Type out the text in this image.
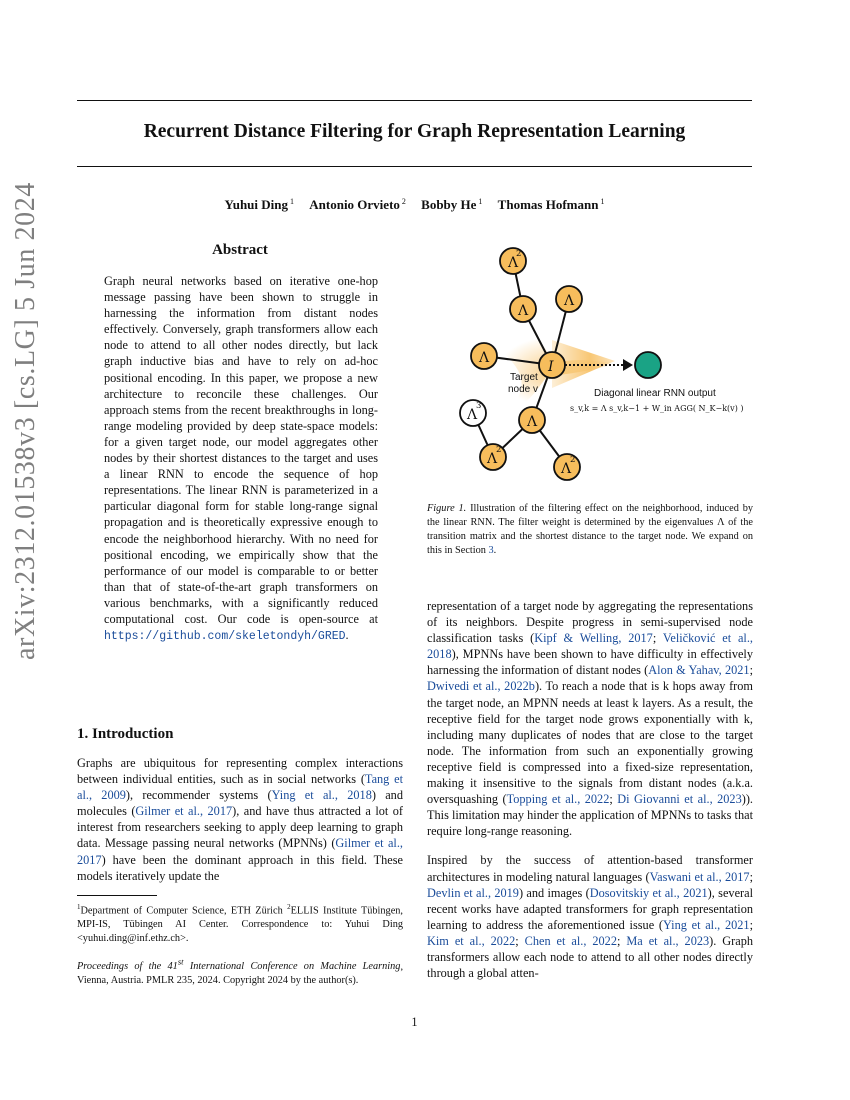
Recurrent Distance Filtering for Graph Representation Learning
Yuhui Ding $^1$ Antonio Orvieto $^2$ Bobby He $^1$ Thomas Hofmann $^1$
arXiv:2312.01538v3 [cs.LG] 5 Jun 2024	Abstract

Graph neural networks based on iterative one-hop message passing have been shown to struggle in harnessing the information from distant nodes effectively. Conversely, graph transformers allow each node to attend to all other nodes directly, but lack graph inductive bias and have to rely on ad-hoc positional encoding. In this paper, we propose a new architecture to reconcile these challenges. Our approach stems from the recent breakthroughs in long-range modeling provided by deep state-space models: for a given target node, our model aggregates other nodes by their shortest distances to the target and uses a linear RNN to encode the sequence of hop representations. The linear RNN is parameterized in a particular diagonal form for stable long-range signal propagation and is theoretically expressive enough to encode the neighborhood hierarchy. With no need for positional encoding, we empirically show that the performance of our model is comparable to or better than that of state-of-the-art graph transformers on various benchmarks, with a significantly reduced computational cost. Our code is open-source at https://github.com/skeletondyh/GRED.

1. Introduction

Graphs are ubiquitous for representing complex interactions between individual entities, such as in social networks (Tang et al., 2009), recommender systems (Ying et al., 2018) and molecules (Gilmer et al., 2017), and have thus attracted a lot of interest from researchers seeking to apply deep learning to graph data. Message passing neural networks (MPNNs) (Gilmer et al., 2017) have been the dominant approach in this field. These models iteratively update the

$^1$Department of Computer Science, ETH Zürich $^2$ELLIS Institute Tübingen, MPI-IS, Tübingen AI Center. Correspondence to: Yuhui Ding <yuhui.ding@inf.ethz.ch>.

Proceedings of the 41st International Conference on Machine Learning, Vienna, Austria. PMLR 235, 2024. Copyright 2024 by the author(s).

Λ
2
Λ
Λ
Λ
I
Λ
Λ
3
Λ
2
Λ
2
Target
node v	Diagonal linear RNN output
s_v,k = Λ s_v,k−1 + W_in AGG( N_K−k(v) )

Figure 1. Illustration of the filtering effect on the neighborhood, induced by the linear RNN. The filter weight is determined by the eigenvalues Λ of the transition matrix and the shortest distance to the target node. We expand on this in Section 3.

representation of a target node by aggregating the representations of its neighbors. Despite progress in semi-supervised node classification tasks (Kipf & Welling, 2017; Veličković et al., 2018), MPNNs have been shown to have difficulty in effectively harnessing the information of distant nodes (Alon & Yahav, 2021; Dwivedi et al., 2022b). To reach a node that is k hops away from the target node, an MPNN needs at least k layers. As a result, the receptive field for the target node grows exponentially with k, including many duplicates of nodes that are close to the target node. The information from such an exponentially growing receptive field is compressed into a fixed-size representation, making it insensitive to the signals from distant nodes (a.k.a. oversquashing (Topping et al., 2022; Di Giovanni et al., 2023)). This limitation may hinder the application of MPNNs to tasks that require long-range reasoning.

Inspired by the success of attention-based transformer architectures in modeling natural languages (Vaswani et al., 2017; Devlin et al., 2019) and images (Dosovitskiy et al., 2021), several recent works have adapted transformers for graph representation learning to address the aforementioned issue (Ying et al., 2021; Kim et al., 2022; Chen et al., 2022; Ma et al., 2023). Graph transformers allow each node to attend to all other nodes directly through a global atten-

1
